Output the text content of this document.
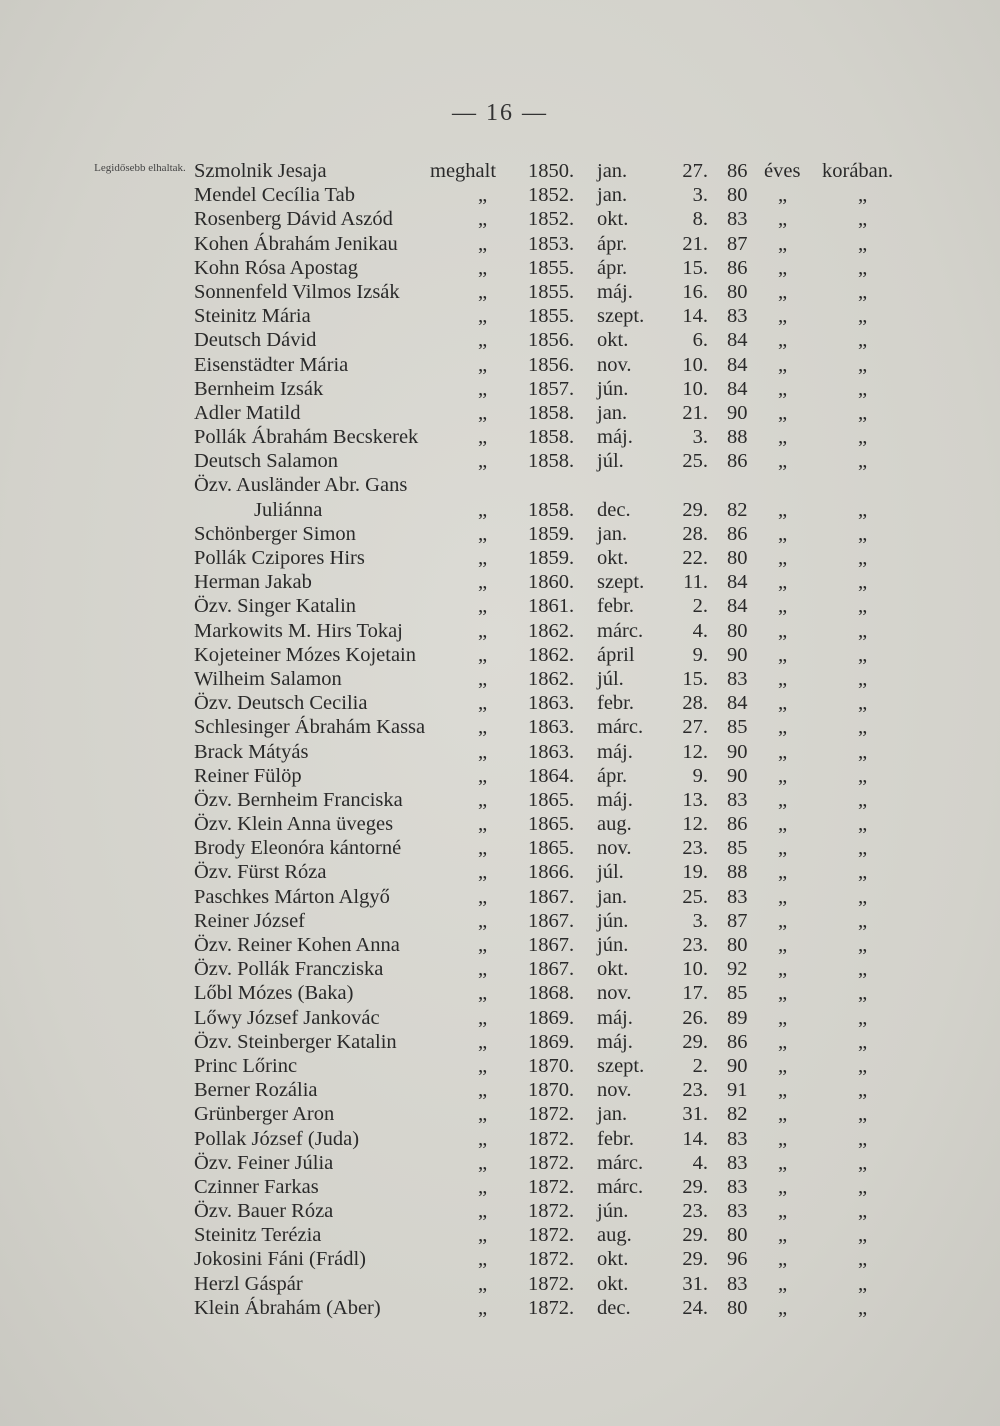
— 16 —
Legidősebb elhaltak. Szmolnik Jesaja	meghalt 1850. jan.	27. 86 éves korában.
Mendel Cecília Tab	„ 1852. jan.	3. 80 „	„
Rosenberg Dávid Aszód	„ 1852. okt.	8. 83 „	„
Kohen Ábrahám Jenikau	„ 1853. ápr.	21. 87 „	„
Kohn Rósa Apostag	„ 1855. ápr.	15. 86 „	„
Sonnenfeld Vilmos Izsák	„ 1855. máj.	16. 80 „	„
Steinitz Mária	„ 1855. szept.	14. 83 „	„
Deutsch Dávid	„ 1856. okt.	6. 84 „	„
Eisenstädter Mária	„ 1856. nov.	10. 84 „	„
Bernheim Izsák	„ 1857. jún.	10. 84 „	„
Adler Matild	„ 1858. jan.	21. 90 „	„
Pollák Ábrahám Becskerek	„ 1858. máj.	3. 88 „	„
Deutsch Salamon	„ 1858. júl.	25. 86 „	„
Özv. Ausländer Abr. Gans
Juliánna	„ 1858. dec.	29. 82 „	„
Schönberger Simon	„ 1859. jan.	28. 86 „	„
Pollák Czipores Hirs	„ 1859. okt.	22. 80 „	„
Herman Jakab	„ 1860. szept.	11. 84 „	„
Özv. Singer Katalin	„ 1861. febr.	2. 84 „	„
Markowits M. Hirs Tokaj	„ 1862. márc.	4. 80 „	„
Kojeteiner Mózes Kojetain	„ 1862. ápril	9. 90 „	„
Wilheim Salamon	„ 1862. júl.	15. 83 „	„
Özv. Deutsch Cecilia	„ 1863. febr.	28. 84 „	„
Schlesinger Ábrahám Kassa	„ 1863. márc.	27. 85 „	„
Brack Mátyás	„ 1863. máj.	12. 90 „	„
Reiner Fülöp	„ 1864. ápr.	9. 90 „	„
Özv. Bernheim Franciska	„ 1865. máj.	13. 83 „	„
Özv. Klein Anna üveges	„ 1865. aug.	12. 86 „	„
Brody Eleonóra kántorné	„ 1865. nov.	23. 85 „	„
Özv. Fürst Róza	„ 1866. júl.	19. 88 „	„
Paschkes Márton Algyő	„ 1867. jan.	25. 83 „	„
Reiner József	„ 1867. jún.	3. 87 „	„
Özv. Reiner Kohen Anna	„ 1867. jún.	23. 80 „	„
Özv. Pollák Francziska	„ 1867. okt.	10. 92 „	„
Lőbl Mózes (Baka)	„ 1868. nov.	17. 85 „	„
Lőwy József Jankovác	„ 1869. máj.	26. 89 „	„
Özv. Steinberger Katalin	„ 1869. máj.	29. 86 „	„
Princ Lőrinc	„ 1870. szept.	2. 90 „	„
Berner Rozália	„ 1870. nov.	23. 91 „	„
Grünberger Aron	„ 1872. jan.	31. 82 „	„
Pollak József (Juda)	„ 1872. febr.	14. 83 „	„
Özv. Feiner Júlia	„ 1872. márc.	4. 83 „	„
Czinner Farkas	„ 1872. márc.	29. 83 „	„
Özv. Bauer Róza	„ 1872. jún.	23. 83 „	„
Steinitz Terézia	„ 1872. aug.	29. 80 „	„
Jokosini Fáni (Frádl)	„ 1872. okt.	29. 96 „	„
Herzl Gáspár	„ 1872. okt.	31. 83 „	„
Klein Ábrahám (Aber)	„ 1872. dec.	24. 80 „	„
